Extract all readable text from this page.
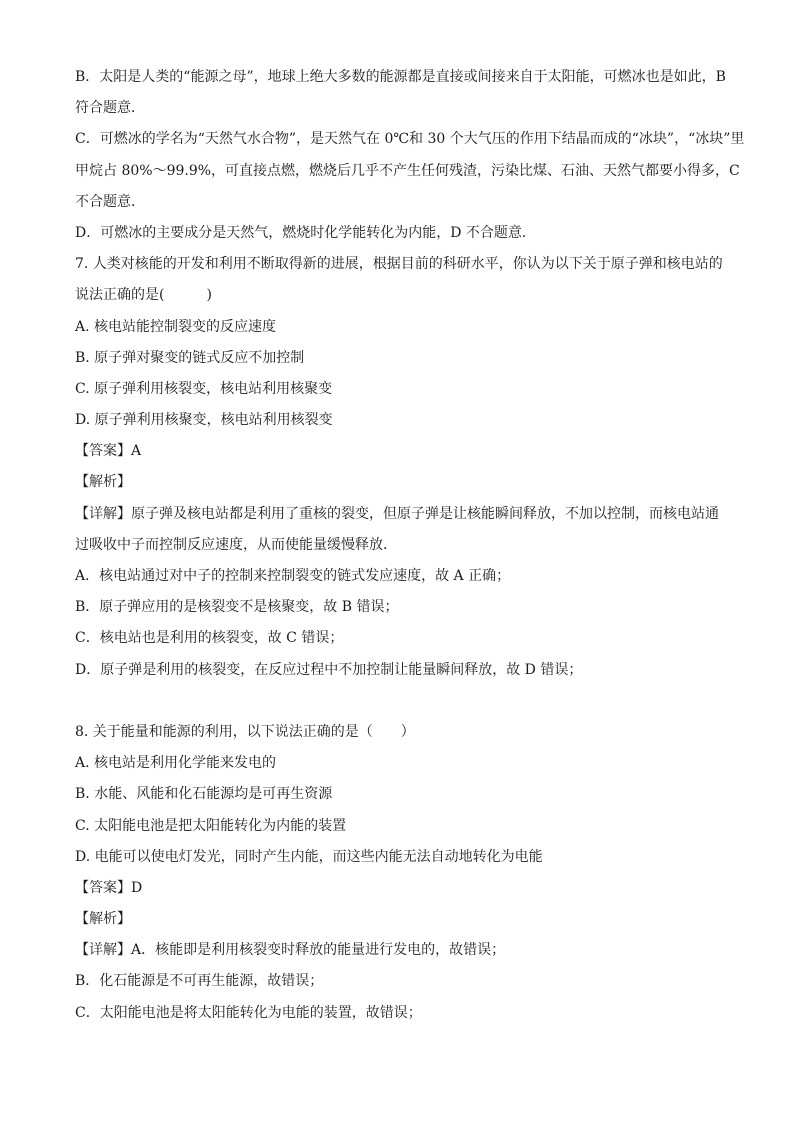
B．太阳是人类的“能源之母”，地球上绝大多数的能源都是直接或间接来自于太阳能，可燃冰也是如此，B
符合题意．
C．可燃冰的学名为“天然气水合物”，是天然气在 0℃和 30 个大气压的作用下结晶而成的“冰块”，“冰块”里
甲烷占 80%～99.9%，可直接点燃，燃烧后几乎不产生任何残渣，污染比煤、石油、天然气都要小得多，C
不合题意．
D．可燃冰的主要成分是天然气，燃烧时化学能转化为内能，D 不合题意．
7. 人类对核能的开发和利用不断取得新的进展，根据目前的科研水平，你认为以下关于原子弹和核电站的
说法正确的是(　　　)
A. 核电站能控制裂变的反应速度
B. 原子弹对聚变的链式反应不加控制
C. 原子弹利用核裂变，核电站利用核聚变
D. 原子弹利用核聚变，核电站利用核裂变
【答案】A
【解析】
【详解】原子弹及核电站都是利用了重核的裂变，但原子弹是让核能瞬间释放，不加以控制，而核电站通
过吸收中子而控制反应速度，从而使能量缓慢释放．
A．核电站通过对中子的控制来控制裂变的链式发应速度，故 A 正确；
B．原子弹应用的是核裂变不是核聚变，故 B 错误；
C．核电站也是利用的核裂变，故 C 错误；
D．原子弹是利用的核裂变，在反应过程中不加控制让能量瞬间释放，故 D 错误；
8. 关于能量和能源的利用，以下说法正确的是（　　）
A. 核电站是利用化学能来发电的
B. 水能、风能和化石能源均是可再生资源
C. 太阳能电池是把太阳能转化为内能的装置
D. 电能可以使电灯发光，同时产生内能，而这些内能无法自动地转化为电能
【答案】D
【解析】
【详解】A．核能即是利用核裂变时释放的能量进行发电的，故错误；
B．化石能源是不可再生能源，故错误；
C．太阳能电池是将太阳能转化为电能的装置，故错误；
